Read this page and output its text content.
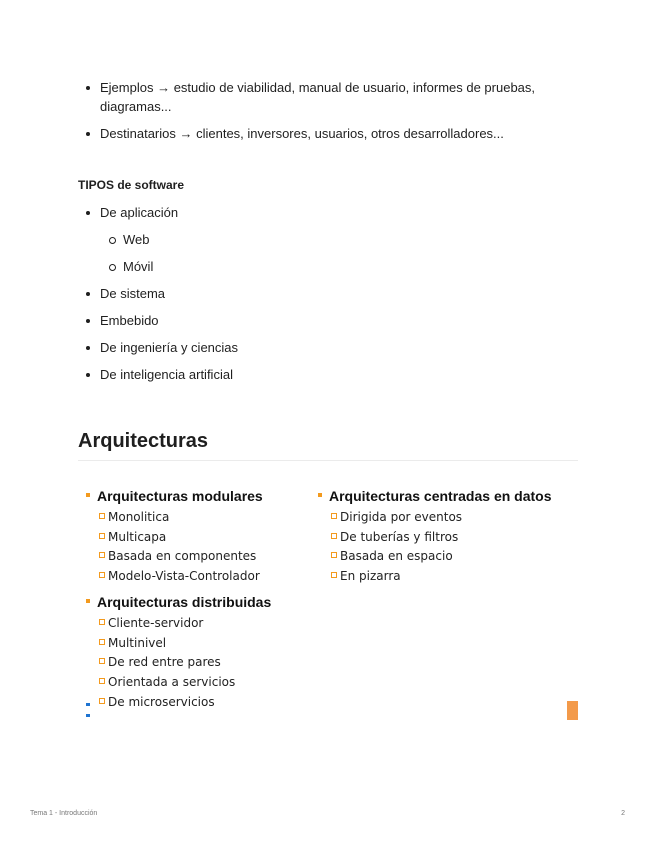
Ejemplos → estudio de viabilidad, manual de usuario, informes de pruebas, diagramas...
Destinatarios → clientes, inversores, usuarios, otros desarrolladores...
TIPOS de software
De aplicación
Web
Móvil
De sistema
Embebido
De ingeniería y ciencias
De inteligencia artificial
Arquitecturas
Arquitecturas modulares
Monolitica
Multicapa
Basada en componentes
Modelo-Vista-Controlador
Arquitecturas distribuidas
Cliente-servidor
Multinivel
De red entre pares
Orientada a servicios
De microservicios
Arquitecturas centradas en datos
Dirigida por eventos
De tuberías y filtros
Basada en espacio
En pizarra
Tema 1 - Introducción	2
